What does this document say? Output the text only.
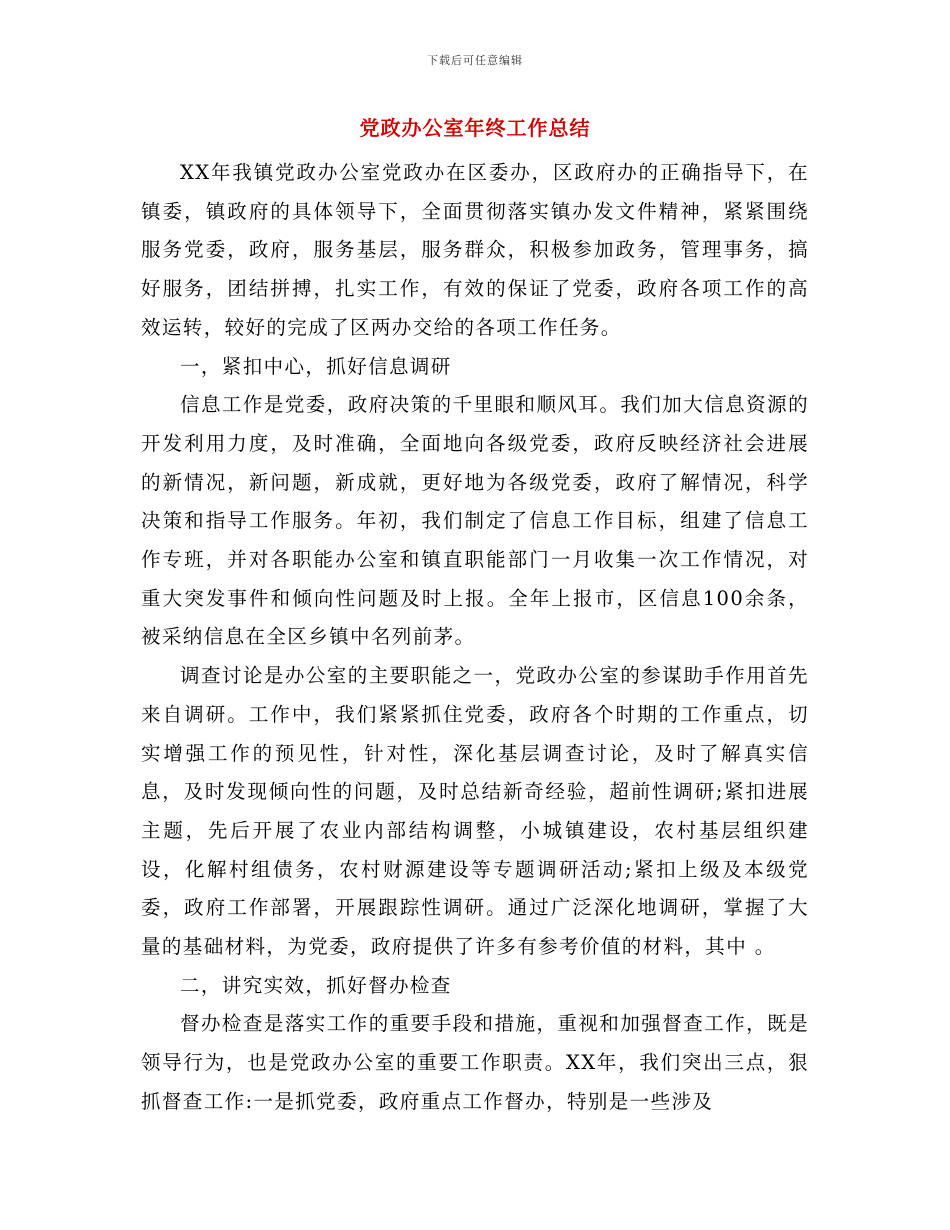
下载后可任意编辑
党政办公室年终工作总结

XX年我镇党政办公室党政办在区委办，区政府办的正确指导下，在镇委，镇政府的具体领导下，全面贯彻落实镇办发文件精神，紧紧围绕服务党委，政府，服务基层，服务群众，积极参加政务，管理事务，搞好服务，团结拼搏，扎实工作，有效的保证了党委，政府各项工作的高效运转，较好的完成了区两办交给的各项工作任务。

一，紧扣中心，抓好信息调研

信息工作是党委，政府决策的千里眼和顺风耳。我们加大信息资源的开发利用力度，及时准确，全面地向各级党委，政府反映经济社会进展的新情况，新问题，新成就，更好地为各级党委，政府了解情况，科学决策和指导工作服务。年初，我们制定了信息工作目标，组建了信息工作专班，并对各职能办公室和镇直职能部门一月收集一次工作情况，对重大突发事件和倾向性问题及时上报。全年上报市，区信息100余条，被采纳信息在全区乡镇中名列前茅。

调查讨论是办公室的主要职能之一，党政办公室的参谋助手作用首先来自调研。工作中，我们紧紧抓住党委，政府各个时期的工作重点，切实增强工作的预见性，针对性，深化基层调查讨论，及时了解真实信息，及时发现倾向性的问题，及时总结新奇经验，超前性调研;紧扣进展主题，先后开展了农业内部结构调整，小城镇建设，农村基层组织建设，化解村组债务，农村财源建设等专题调研活动;紧扣上级及本级党委，政府工作部署，开展跟踪性调研。通过广泛深化地调研，掌握了大量的基础材料，为党委，政府提供了许多有参考价值的材料，其中 。

二，讲究实效，抓好督办检查

督办检查是落实工作的重要手段和措施，重视和加强督查工作，既是领导行为，也是党政办公室的重要工作职责。XX年，我们突出三点，狠抓督查工作:一是抓党委，政府重点工作督办，特别是一些涉及
